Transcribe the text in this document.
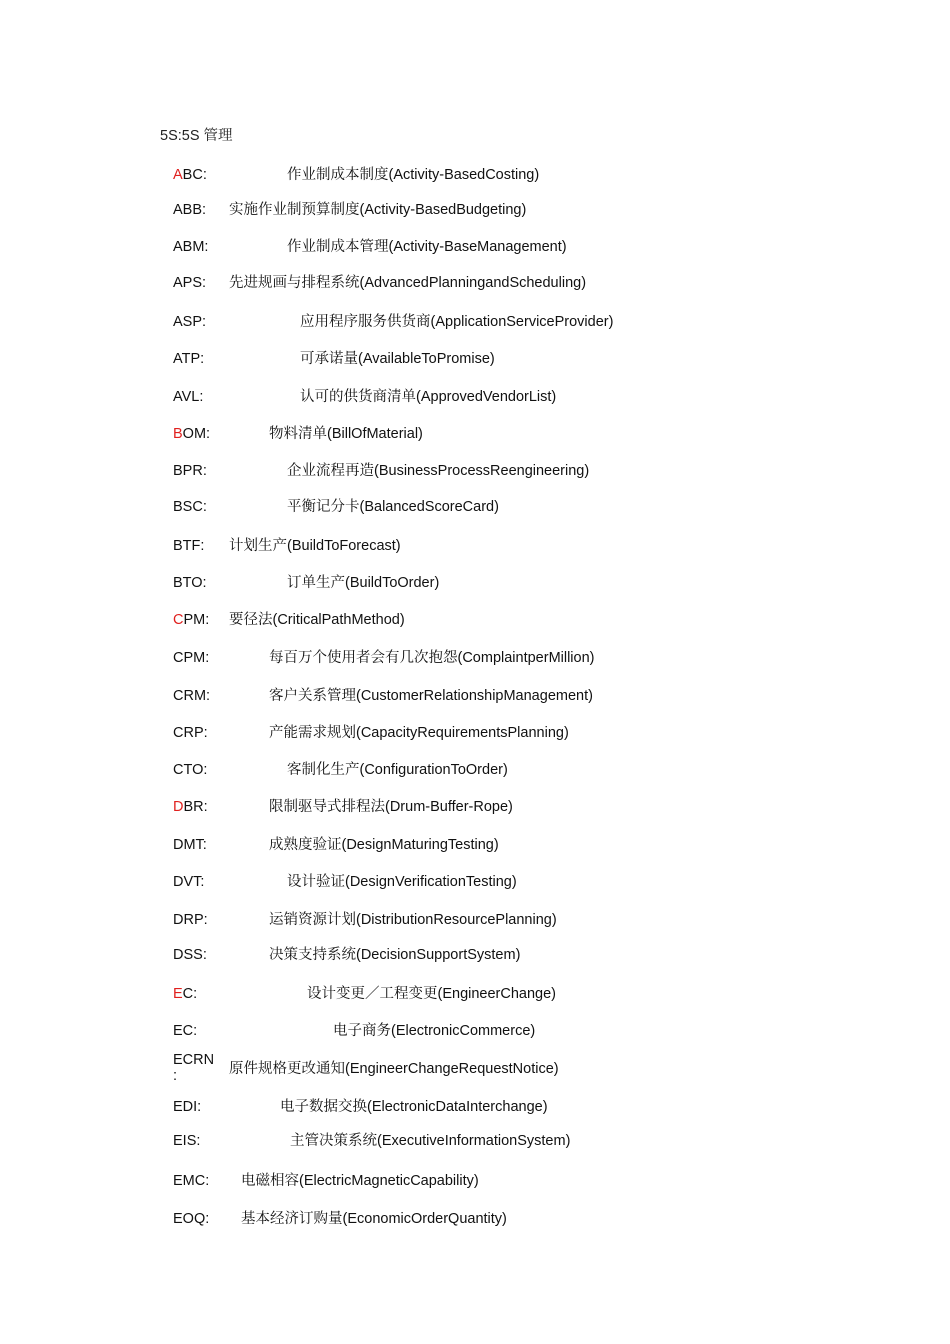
5S:5S 管理
ABC:	作业制成本制度(Activity-BasedCosting)
ABB: 实施作业制预算制度(Activity-BasedBudgeting)
ABM:	作业制成本管理(Activity-BaseManagement)
APS: 先进规画与排程系统(AdvancedPlanningandScheduling)
ASP:	应用程序服务供货商(ApplicationServiceProvider)
ATP:	可承诺量(AvailableToPromise)
AVL:	认可的供货商清单(ApprovedVendorList)
BOM:	物料清单(BillOfMaterial)
BPR:	企业流程再造(BusinessProcessReengineering)
BSC:	平衡记分卡(BalancedScoreCard)
BTF: 计划生产(BuildToForecast)
BTO:	订单生产(BuildToOrder)
CPM: 要径法(CriticalPathMethod)
CPM:	每百万个使用者会有几次抱怨(ComplaintperMillion)
CRM:	客户关系管理(CustomerRelationshipManagement)
CRP:	产能需求规划(CapacityRequirementsPlanning)
CTO:	客制化生产(ConfigurationToOrder)
DBR:	限制驱导式排程法(Drum-Buffer-Rope)
DMT:	成熟度验证(DesignMaturingTesting)
DVT:	设计验证(DesignVerificationTesting)
DRP:	运销资源计划(DistributionResourcePlanning)
DSS:	决策支持系统(DecisionSupportSystem)
EC:	设计变更／工程变更(EngineerChange)
EC:	电子商务(ElectronicCommerce)
ECRN
:	原件规格更改通知(EngineerChangeRequestNotice)
EDI:	电子数据交换(ElectronicDataInterchange)
EIS:	主管决策系统(ExecutiveInformationSystem)
EMC: 电磁相容(ElectricMagneticCapability)
EOQ: 基本经济订购量(EconomicOrderQuantity)
